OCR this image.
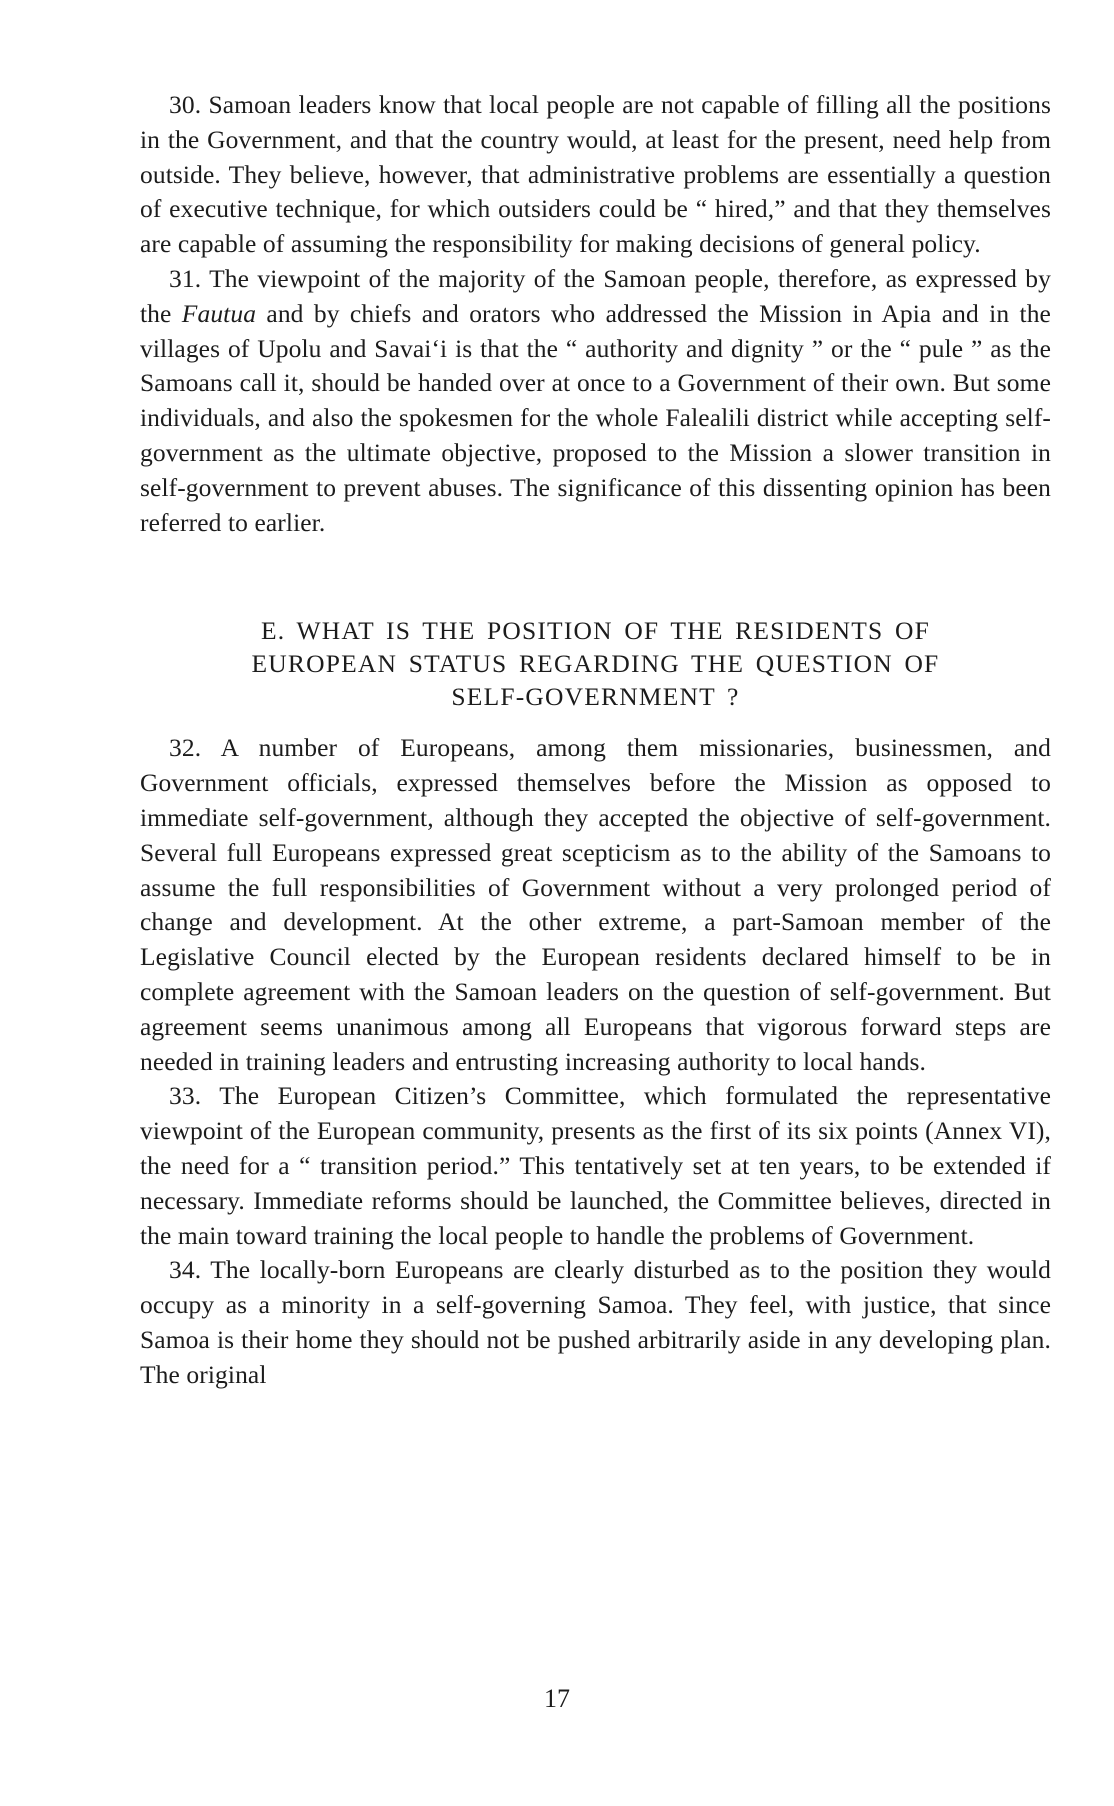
30. Samoan leaders know that local people are not capable of filling all the positions in the Government, and that the country would, at least for the present, need help from outside. They believe, however, that administrative problems are essentially a question of executive technique, for which outsiders could be “ hired,” and that they themselves are capable of assuming the responsibility for making decisions of general policy.

31. The viewpoint of the majority of the Samoan people, therefore, as expressed by the Fautua and by chiefs and orators who addressed the Mission in Apia and in the villages of Upolu and Savai‘i is that the “ authority and dignity ” or the “ pule ” as the Samoans call it, should be handed over at once to a Government of their own. But some individuals, and also the spokesmen for the whole Falealili district while accepting self-government as the ultimate objective, proposed to the Mission a slower transition in self-government to prevent abuses. The significance of this dissenting opinion has been referred to earlier.

E. WHAT IS THE POSITION OF THE RESIDENTS OF
EUROPEAN STATUS REGARDING THE QUESTION OF
SELF-GOVERNMENT ?

32. A number of Europeans, among them missionaries, businessmen, and Government officials, expressed themselves before the Mission as opposed to immediate self-government, although they accepted the objective of self-government. Several full Europeans expressed great scepticism as to the ability of the Samoans to assume the full responsibilities of Government without a very prolonged period of change and development. At the other extreme, a part-Samoan member of the Legislative Council elected by the European residents declared himself to be in complete agreement with the Samoan leaders on the question of self-government. But agreement seems unanimous among all Europeans that vigorous forward steps are needed in training leaders and entrusting increasing authority to local hands.

33. The European Citizen’s Committee, which formulated the representative viewpoint of the European community, presents as the first of its six points (Annex VI), the need for a “ transition period.” This tentatively set at ten years, to be extended if necessary. Immediate reforms should be launched, the Committee believes, directed in the main toward training the local people to handle the problems of Government.

34. The locally-born Europeans are clearly disturbed as to the position they would occupy as a minority in a self-governing Samoa. They feel, with justice, that since Samoa is their home they should not be pushed arbitrarily aside in any developing plan. The original

17
